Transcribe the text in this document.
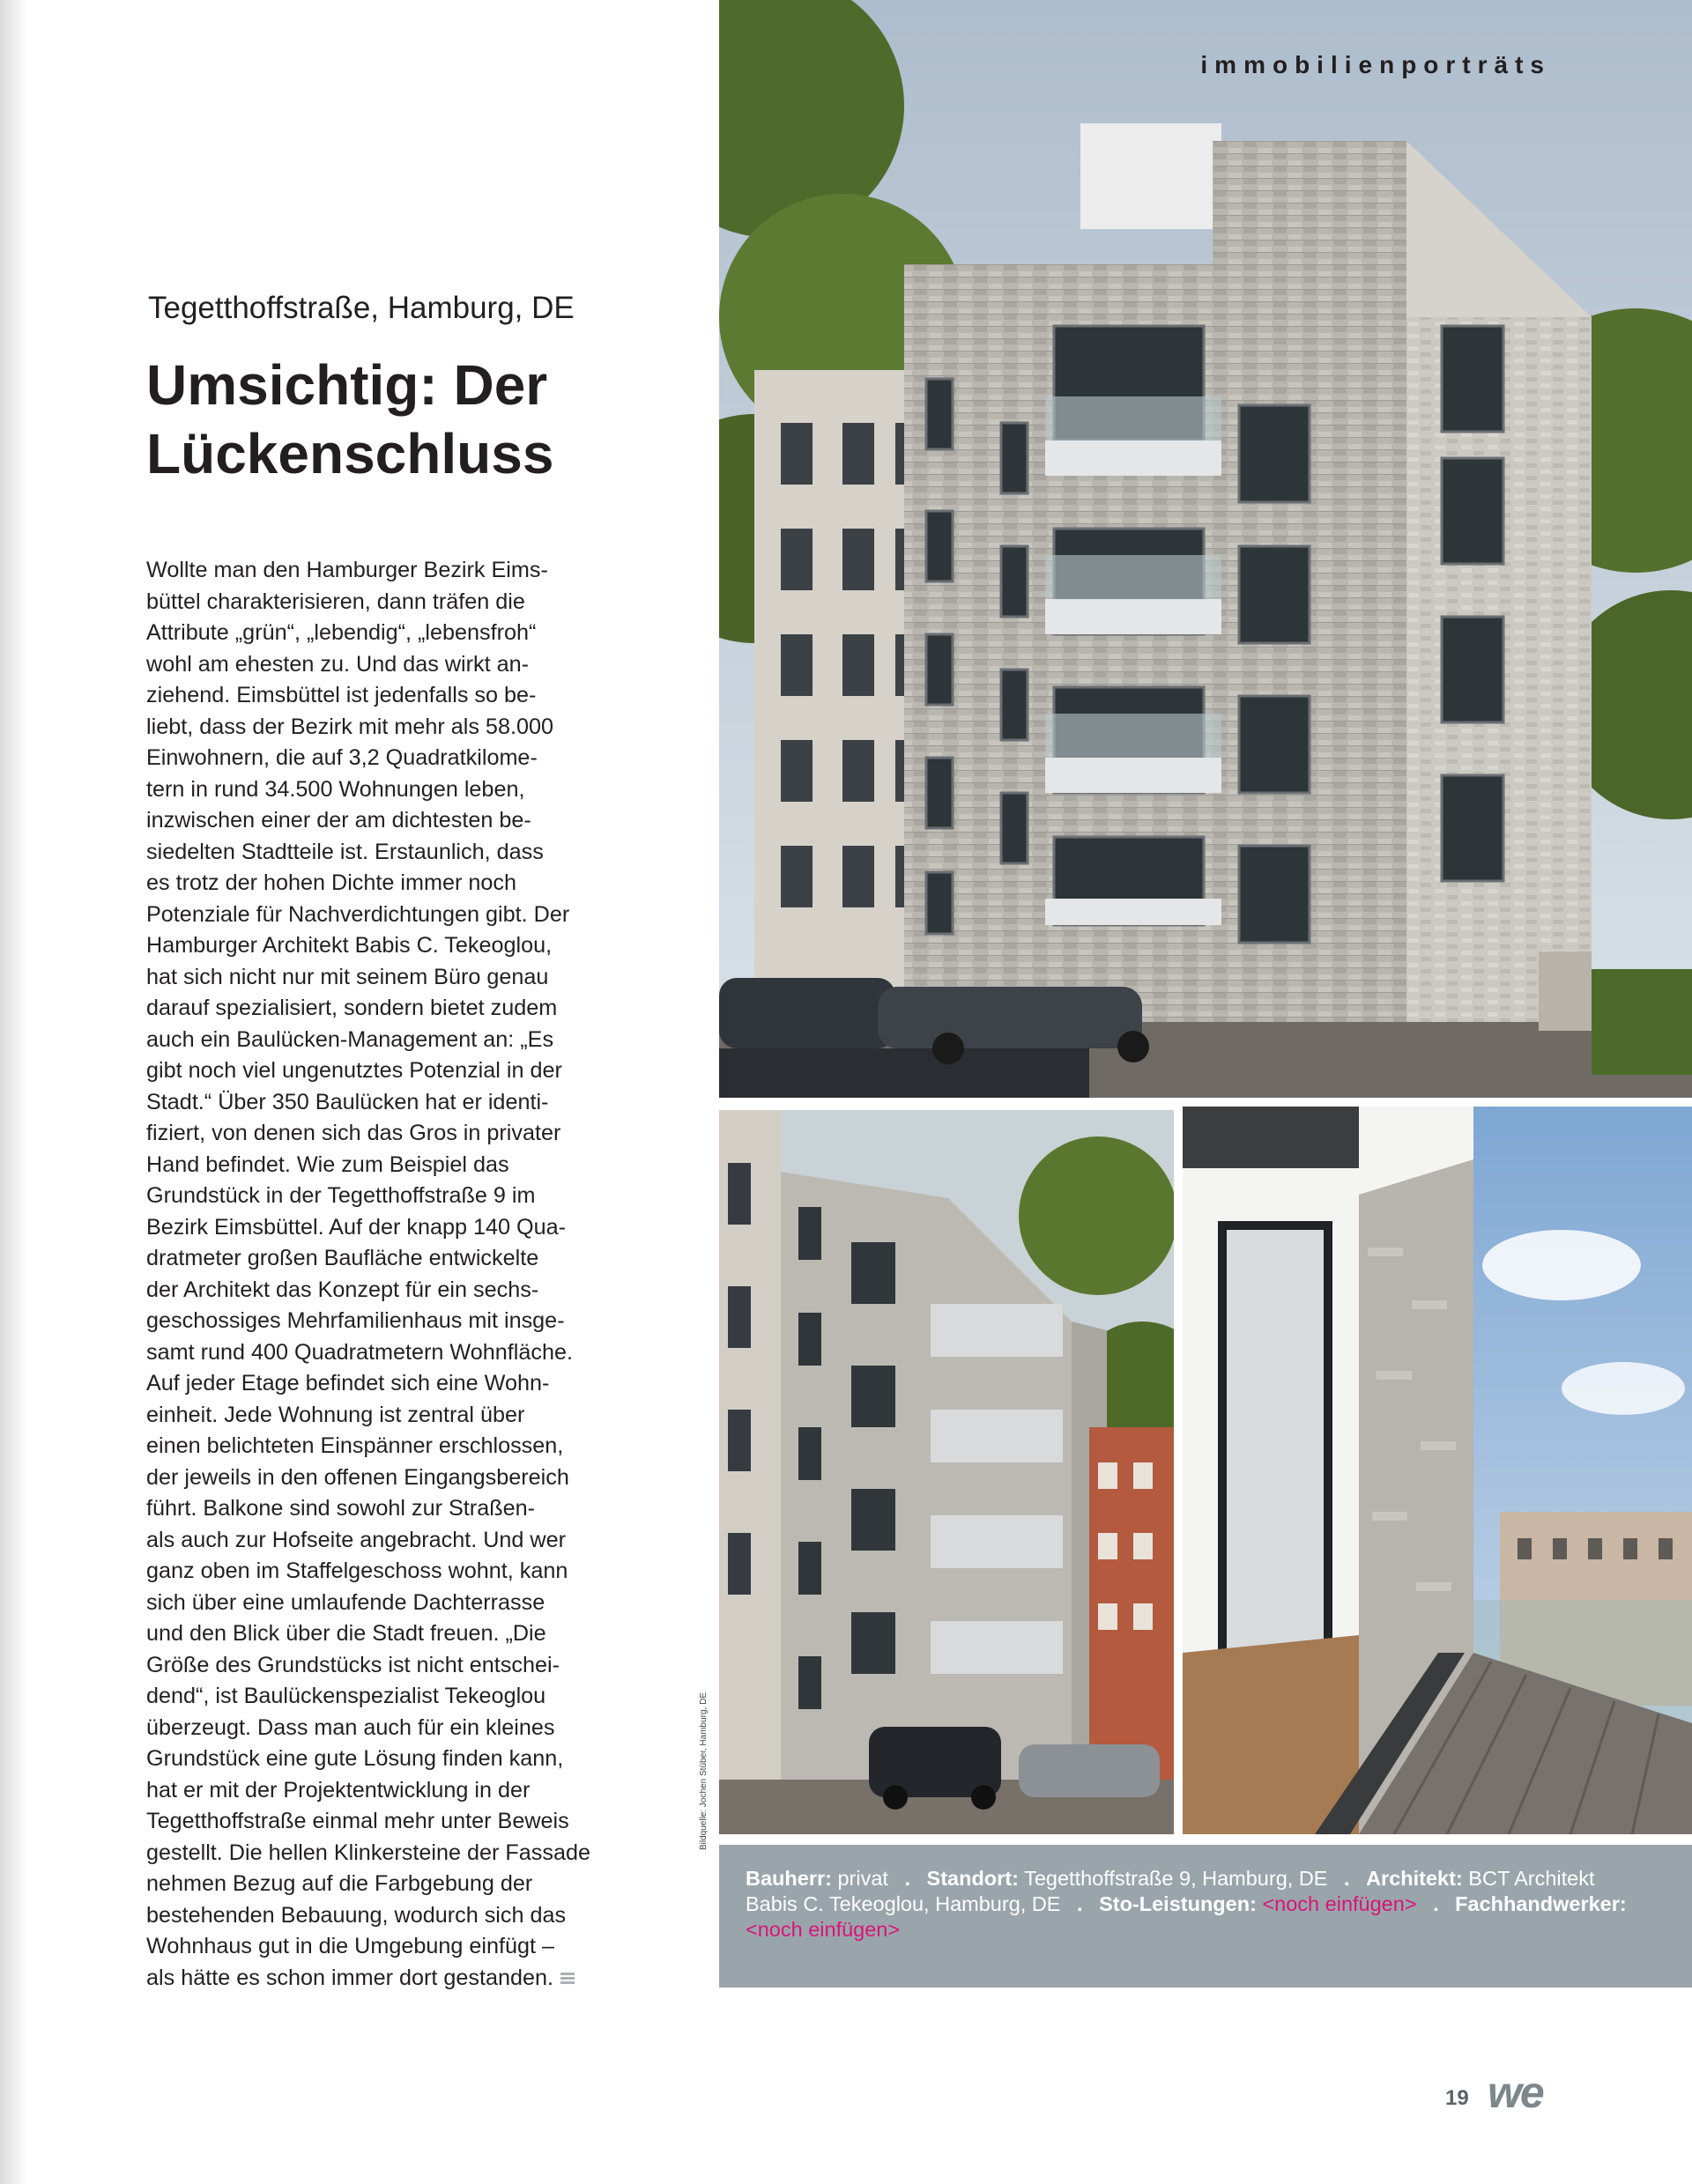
immobilienporträts
Tegetthoffstraße, Hamburg, DE
Umsichtig: Der
Lückenschluss
Wollte man den Hamburger Bezirk Eims-
büttel charakterisieren, dann träfen die
Attribute „grün“, „lebendig“, „lebensfroh“
wohl am ehesten zu. Und das wirkt an-
ziehend. Eimsbüttel ist jedenfalls so be-
liebt, dass der Bezirk mit mehr als 58.000
Einwohnern, die auf 3,2 Quadratkilome-
tern in rund 34.500 Wohnungen leben,
inzwischen einer der am dichtesten be-
siedelten Stadtteile ist. Erstaunlich, dass
es trotz der hohen Dichte immer noch
Potenziale für Nachverdichtungen gibt. Der
Hamburger Architekt Babis C. Tekeoglou,
hat sich nicht nur mit seinem Büro genau
darauf spezialisiert, sondern bietet zudem
auch ein Baulücken-Management an: „Es
gibt noch viel ungenutztes Potenzial in der
Stadt.“ Über 350 Baulücken hat er identi-
fiziert, von denen sich das Gros in privater
Hand befindet. Wie zum Beispiel das
Grundstück in der Tegetthoffstraße 9 im
Bezirk Eimsbüttel. Auf der knapp 140 Qua-
dratmeter großen Baufläche entwickelte
der Architekt das Konzept für ein sechs-
geschossiges Mehrfamilienhaus mit insge-
samt rund 400 Quadratmetern Wohnfläche.
Auf jeder Etage befindet sich eine Wohn-
einheit. Jede Wohnung ist zentral über
einen belichteten Einspänner erschlossen,
der jeweils in den offenen Eingangsbereich
führt. Balkone sind sowohl zur Straßen-
als auch zur Hofseite angebracht. Und wer
ganz oben im Staffelgeschoss wohnt, kann
sich über eine umlaufende Dachterrasse
und den Blick über die Stadt freuen. „Die
Größe des Grundstücks ist nicht entschei-
dend“, ist Baulückenspezialist Tekeoglou
überzeugt. Dass man auch für ein kleines
Grundstück eine gute Lösung finden kann,
hat er mit der Projektentwicklung in der
Tegetthoffstraße einmal mehr unter Beweis
gestellt. Die hellen Klinkersteine der Fassade
nehmen Bezug auf die Farbgebung der
bestehenden Bebauung, wodurch sich das
Wohnhaus gut in die Umgebung einfügt –
als hätte es schon immer dort gestanden.
Bildquelle: Jochen Stüber, Hamburg, DE
Bauherr: privat . Standort: Tegetthoffstraße 9, Hamburg, DE . Architekt: BCT Architekt
Babis C. Tekeoglou, Hamburg, DE . Sto-Leistungen: <noch einfügen> . Fachhandwerker:
<noch einfügen>
19 we
